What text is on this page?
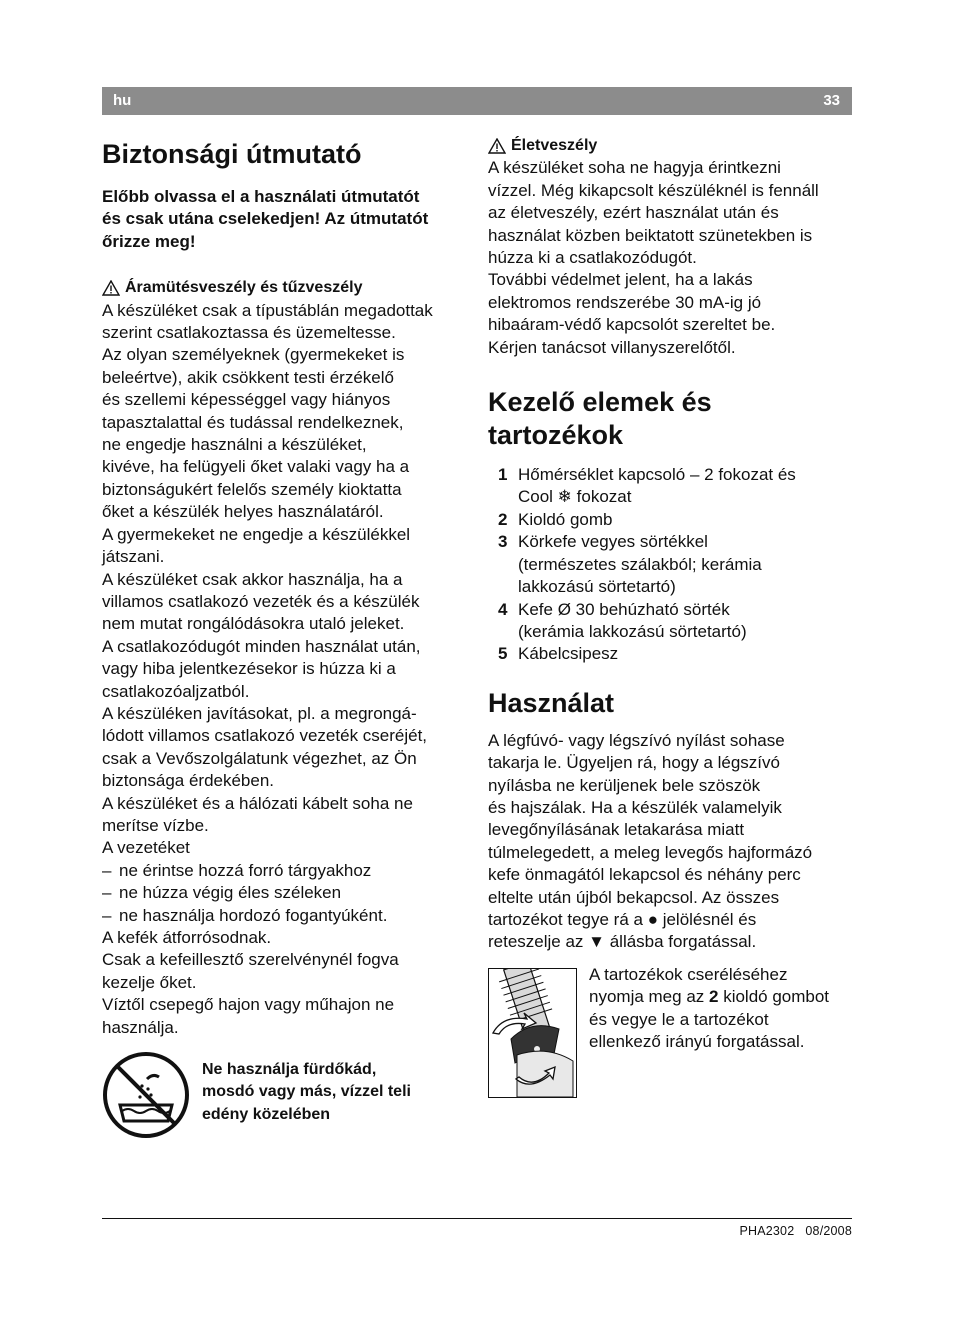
hu	33
Biztonsági útmutató

Előbb olvassa el a használati útmutatót

és csak utána cselekedjen! Az útmutatót

őrizze meg!

Áramütésveszély és tűzveszély

A készüléket csak a típustáblán megadottak

szerint csatlakoztassa és üzemeltesse.

Az olyan személyeknek (gyermekeket is

beleértve), akik csökkent testi érzékelő

és szellemi képességgel vagy hiányos

tapasztalattal és tudással rendelkeznek,

ne engedje használni a készüléket,

kivéve, ha felügyeli őket valaki vagy ha a

biztonságukért felelős személy kioktatta

őket a készülék helyes használatáról.

A gyermekeket ne engedje a készülékkel

játszani.

A készüléket csak akkor használja, ha a

villamos csatlakozó vezeték és a készülék

nem mutat rongálódásokra utaló jeleket.

A csatlakozódugót minden használat után,

vagy hiba jelentkezésekor is húzza ki a

csatlakozóaljzatból.

A készüléken javításokat, pl. a megrongá-

lódott villamos csatlakozó vezeték cseréjét,

csak a Vevőszolgálatunk végezhet, az Ön

biztonsága érdekében.

A készüléket és a hálózati kábelt soha ne

merítse vízbe.

A vezetéket

– ne érintse hozzá forró tárgyakhoz
– ne húzza végig éles széleken
– ne használja hordozó fogantyúként.

A kefék átforrósodnak.

Csak a kefeillesztő szerelvénynél fogva

kezelje őket.

Víztől csepegő hajon vagy műhajon ne

használja.

Ne használja fürdőkád,
mosdó vagy más, vízzel teli
edény közelében
Életveszély

A készüléket soha ne hagyja érintkezni

vízzel. Még kikapcsolt készüléknél is fennáll

az életveszély, ezért használat után és

használat közben beiktatott szünetekben is

húzza ki a csatlakozódugót.

További védelmet jelent, ha a lakás

elektromos rendszerébe 30 mA-ig jó

hibaáram-védő kapcsolót szereltet be.

Kérjen tanácsot villanyszerelőtől.

Kezelő elemek és
tartozékok
1 Hőmérséklet kapcsoló – 2 fokozat és
Cool ❄ fokozat
2 Kioldó gomb
3 Körkefe vegyes sörtékkel
(természetes szálakból; kerámia
lakkozású sörtetartó)
4 Kefe Ø 30 behúzható sörték
(kerámia lakkozású sörtetartó)
5 Kábelcsipesz
Használat

A légfúvó- vagy légszívó nyílást sohase

takarja le. Ügyeljen rá, hogy a légszívó

nyílásba ne kerüljenek bele szöszök

és hajszálak. Ha a készülék valamelyik

levegőnyílásának letakarása miatt

túlmelegedett, a meleg levegős hajformázó

kefe önmagától lekapcsol és néhány perc

eltelte után újból bekapcsol. Az összes

tartozékot tegye rá a ● jelölésnél és

reteszelje az ▼ állásba forgatással.

A tartozékok cseréléséhez

nyomja meg az 2 kioldó gombot

és vegye le a tartozékot

ellenkező irányú forgatással.

PHA2302 08/2008
